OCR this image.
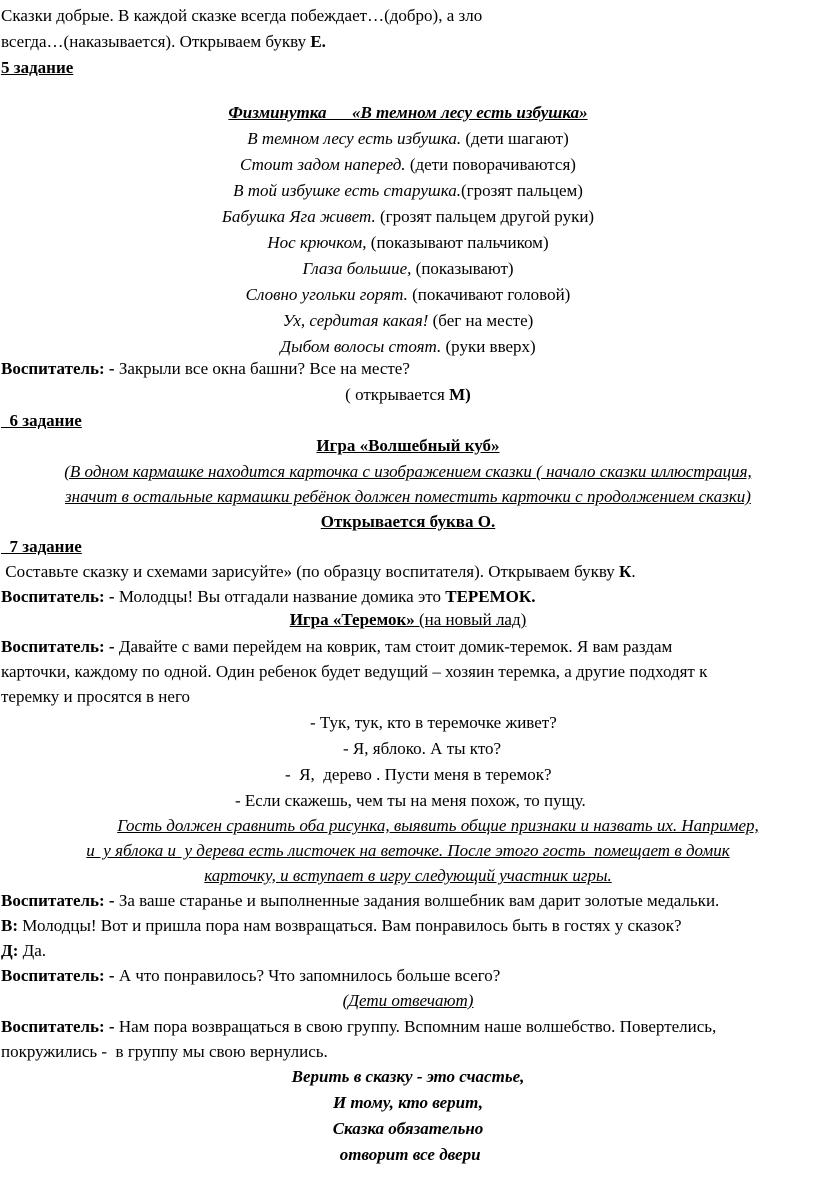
Сказки добрые. В каждой сказке всегда побеждает…(добро), а зло
всегда…(наказывается). Открываем букву Е.
5 задание
Физминутка      «В темном лесу есть избушка»
В темном лесу есть избушка. (дети шагают)
Стоит задом наперед. (дети поворачиваются)
В той избушке есть старушка.(грозят пальцем)
Бабушка Яга живет. (грозят пальцем другой руки)
Нос крючком, (показывают пальчиком)
Глаза большие, (показывают)
Словно угольки горят. (покачивают головой)
Ух, сердитая какая! (бег на месте)
Дыбом волосы стоят. (руки вверх)
Воспитатель: - Закрыли все окна башни? Все на месте?
( открывается М)
6 задание
Игра «Волшебный куб»
(В одном кармашке находится карточка с изображением сказки ( начало сказки иллюстрация,
значит в остальные кармашки ребёнок должен поместить карточки с продолжением сказки)
Открывается буква О.
7 задание
Составьте сказку и схемами зарисуйте» (по образцу воспитателя). Открываем букву К.
Воспитатель: - Молодцы! Вы отгадали название домика это ТЕРЕМОК.
Игра «Теремок» (на новый лад)
Воспитатель: - Давайте с вами перейдем на коврик, там стоит домик-теремок. Я вам раздам
карточки, каждому по одной. Один ребенок будет ведущий – хозяин теремка, а другие подходят к
теремку и просятся в него
- Тук, тук, кто в теремочке живет?
- Я, яблоко. А ты кто?
-  Я,  дерево . Пусти меня в теремок?
- Если скажешь, чем ты на меня похож, то пущу.
Гость должен сравнить оба рисунка, выявить общие признаки и назвать их. Например,
и  у яблока и  у дерева есть листочек на веточке. После этого гость  помещает в домик
карточку, и вступает в игру следующий участник игры.
Воспитатель: - За ваше старанье и выполненные задания волшебник вам дарит золотые медальки.
В: Молодцы! Вот и пришла пора нам возвращаться. Вам понравилось быть в гостях у сказок?
Д: Да.
Воспитатель: - А что понравилось? Что запомнилось больше всего?
(Дети отвечают)
Воспитатель: - Нам пора возвращаться в свою группу. Вспомним наше волшебство. Повертелись,
покружились -  в группу мы свою вернулись.
Верить в сказку - это счастье,
И тому, кто верит,
Сказка обязательно
отворит все двери
